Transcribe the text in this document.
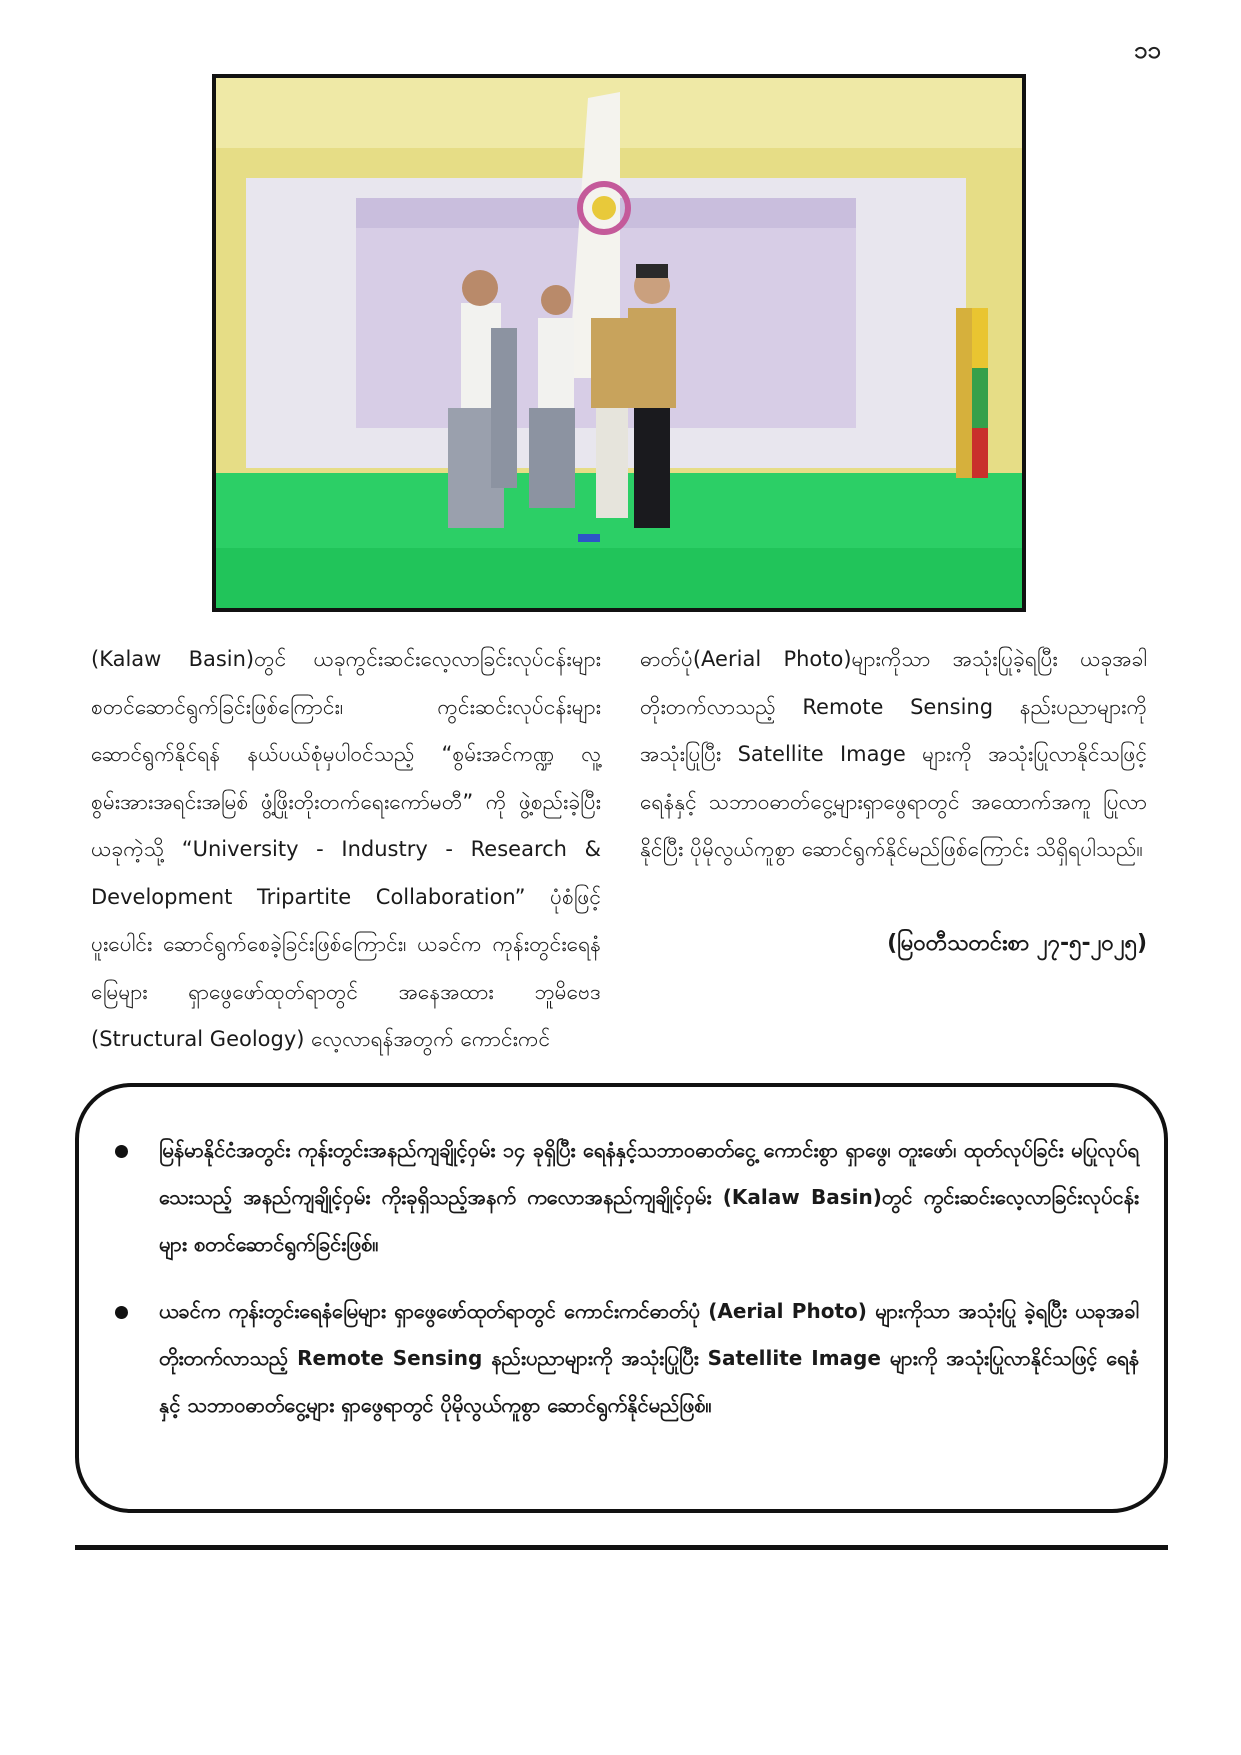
၁၁

(Kalaw Basin)တွင် ယခုကွင်းဆင်းလေ့လာခြင်းလုပ်ငန်းများ စတင်ဆောင်ရွက်ခြင်းဖြစ်ကြောင်း၊ ကွင်းဆင်းလုပ်ငန်းများ ဆောင်ရွက်နိုင်ရန် နယ်ပယ်စုံမှပါဝင်သည့် “စွမ်းအင်ကဏ္ဍ လူ့စွမ်းအားအရင်းအမြစ် ဖွံ့ဖြိုးတိုးတက်ရေးကော်မတီ” ကို ဖွဲ့စည်းခဲ့ပြီး ယခုကဲ့သို့ “University - Industry - Research & Development Tripartite Collaboration” ပုံစံဖြင့် ပူးပေါင်း ဆောင်ရွက်စေခဲ့ခြင်းဖြစ်ကြောင်း၊ ယခင်က ကုန်းတွင်းရေနံ မြေများ ရှာဖွေဖော်ထုတ်ရာတွင် အနေအထား ဘူမိဗေဒ (Structural Geology) လေ့လာရန်အတွက် ကောင်းကင်

ဓာတ်ပုံ(Aerial Photo)များကိုသာ အသုံးပြုခဲ့ရပြီး ယခုအခါ တိုးတက်လာသည့် Remote Sensing နည်းပညာများကို အသုံးပြုပြီး Satellite Image များကို အသုံးပြုလာနိုင်သဖြင့် ရေနံနှင့် သဘာဝဓာတ်ငွေ့များရှာဖွေရာတွင် အထောက်အကူ ပြုလာနိုင်ပြီး ပိုမိုလွယ်ကူစွာ ဆောင်ရွက်နိုင်မည်ဖြစ်ကြောင်း သိရှိရပါသည်။

(မြဝတီသတင်းစာ ၂၇-၅-၂၀၂၅)
မြန်မာနိုင်ငံအတွင်း ကုန်းတွင်းအနည်ကျချိုင့်ဝှမ်း ၁၄ ခုရှိပြီး ရေနံနှင့်သဘာဝဓာတ်ငွေ့ ကောင်းစွာ ရှာဖွေ၊ တူးဖော်၊ ထုတ်လုပ်ခြင်း မပြုလုပ်ရသေးသည့် အနည်ကျချိုင့်ဝှမ်း ကိုးခုရှိသည့်အနက် ကလောအနည်ကျချိုင့်ဝှမ်း (Kalaw Basin)တွင် ကွင်းဆင်းလေ့လာခြင်းလုပ်ငန်းများ စတင်ဆောင်ရွက်ခြင်းဖြစ်။
ယခင်က ကုန်းတွင်းရေနံမြေများ ရှာဖွေဖော်ထုတ်ရာတွင် ကောင်းကင်ဓာတ်ပုံ (Aerial Photo) များကိုသာ အသုံးပြု ခဲ့ရပြီး ယခုအခါ တိုးတက်လာသည့် Remote Sensing နည်းပညာများကို အသုံးပြုပြီး Satellite Image များကို အသုံးပြုလာနိုင်သဖြင့် ရေနံနှင့် သဘာဝဓာတ်ငွေ့များ ရှာဖွေရာတွင် ပိုမိုလွယ်ကူစွာ ဆောင်ရွက်နိုင်မည်ဖြစ်။
